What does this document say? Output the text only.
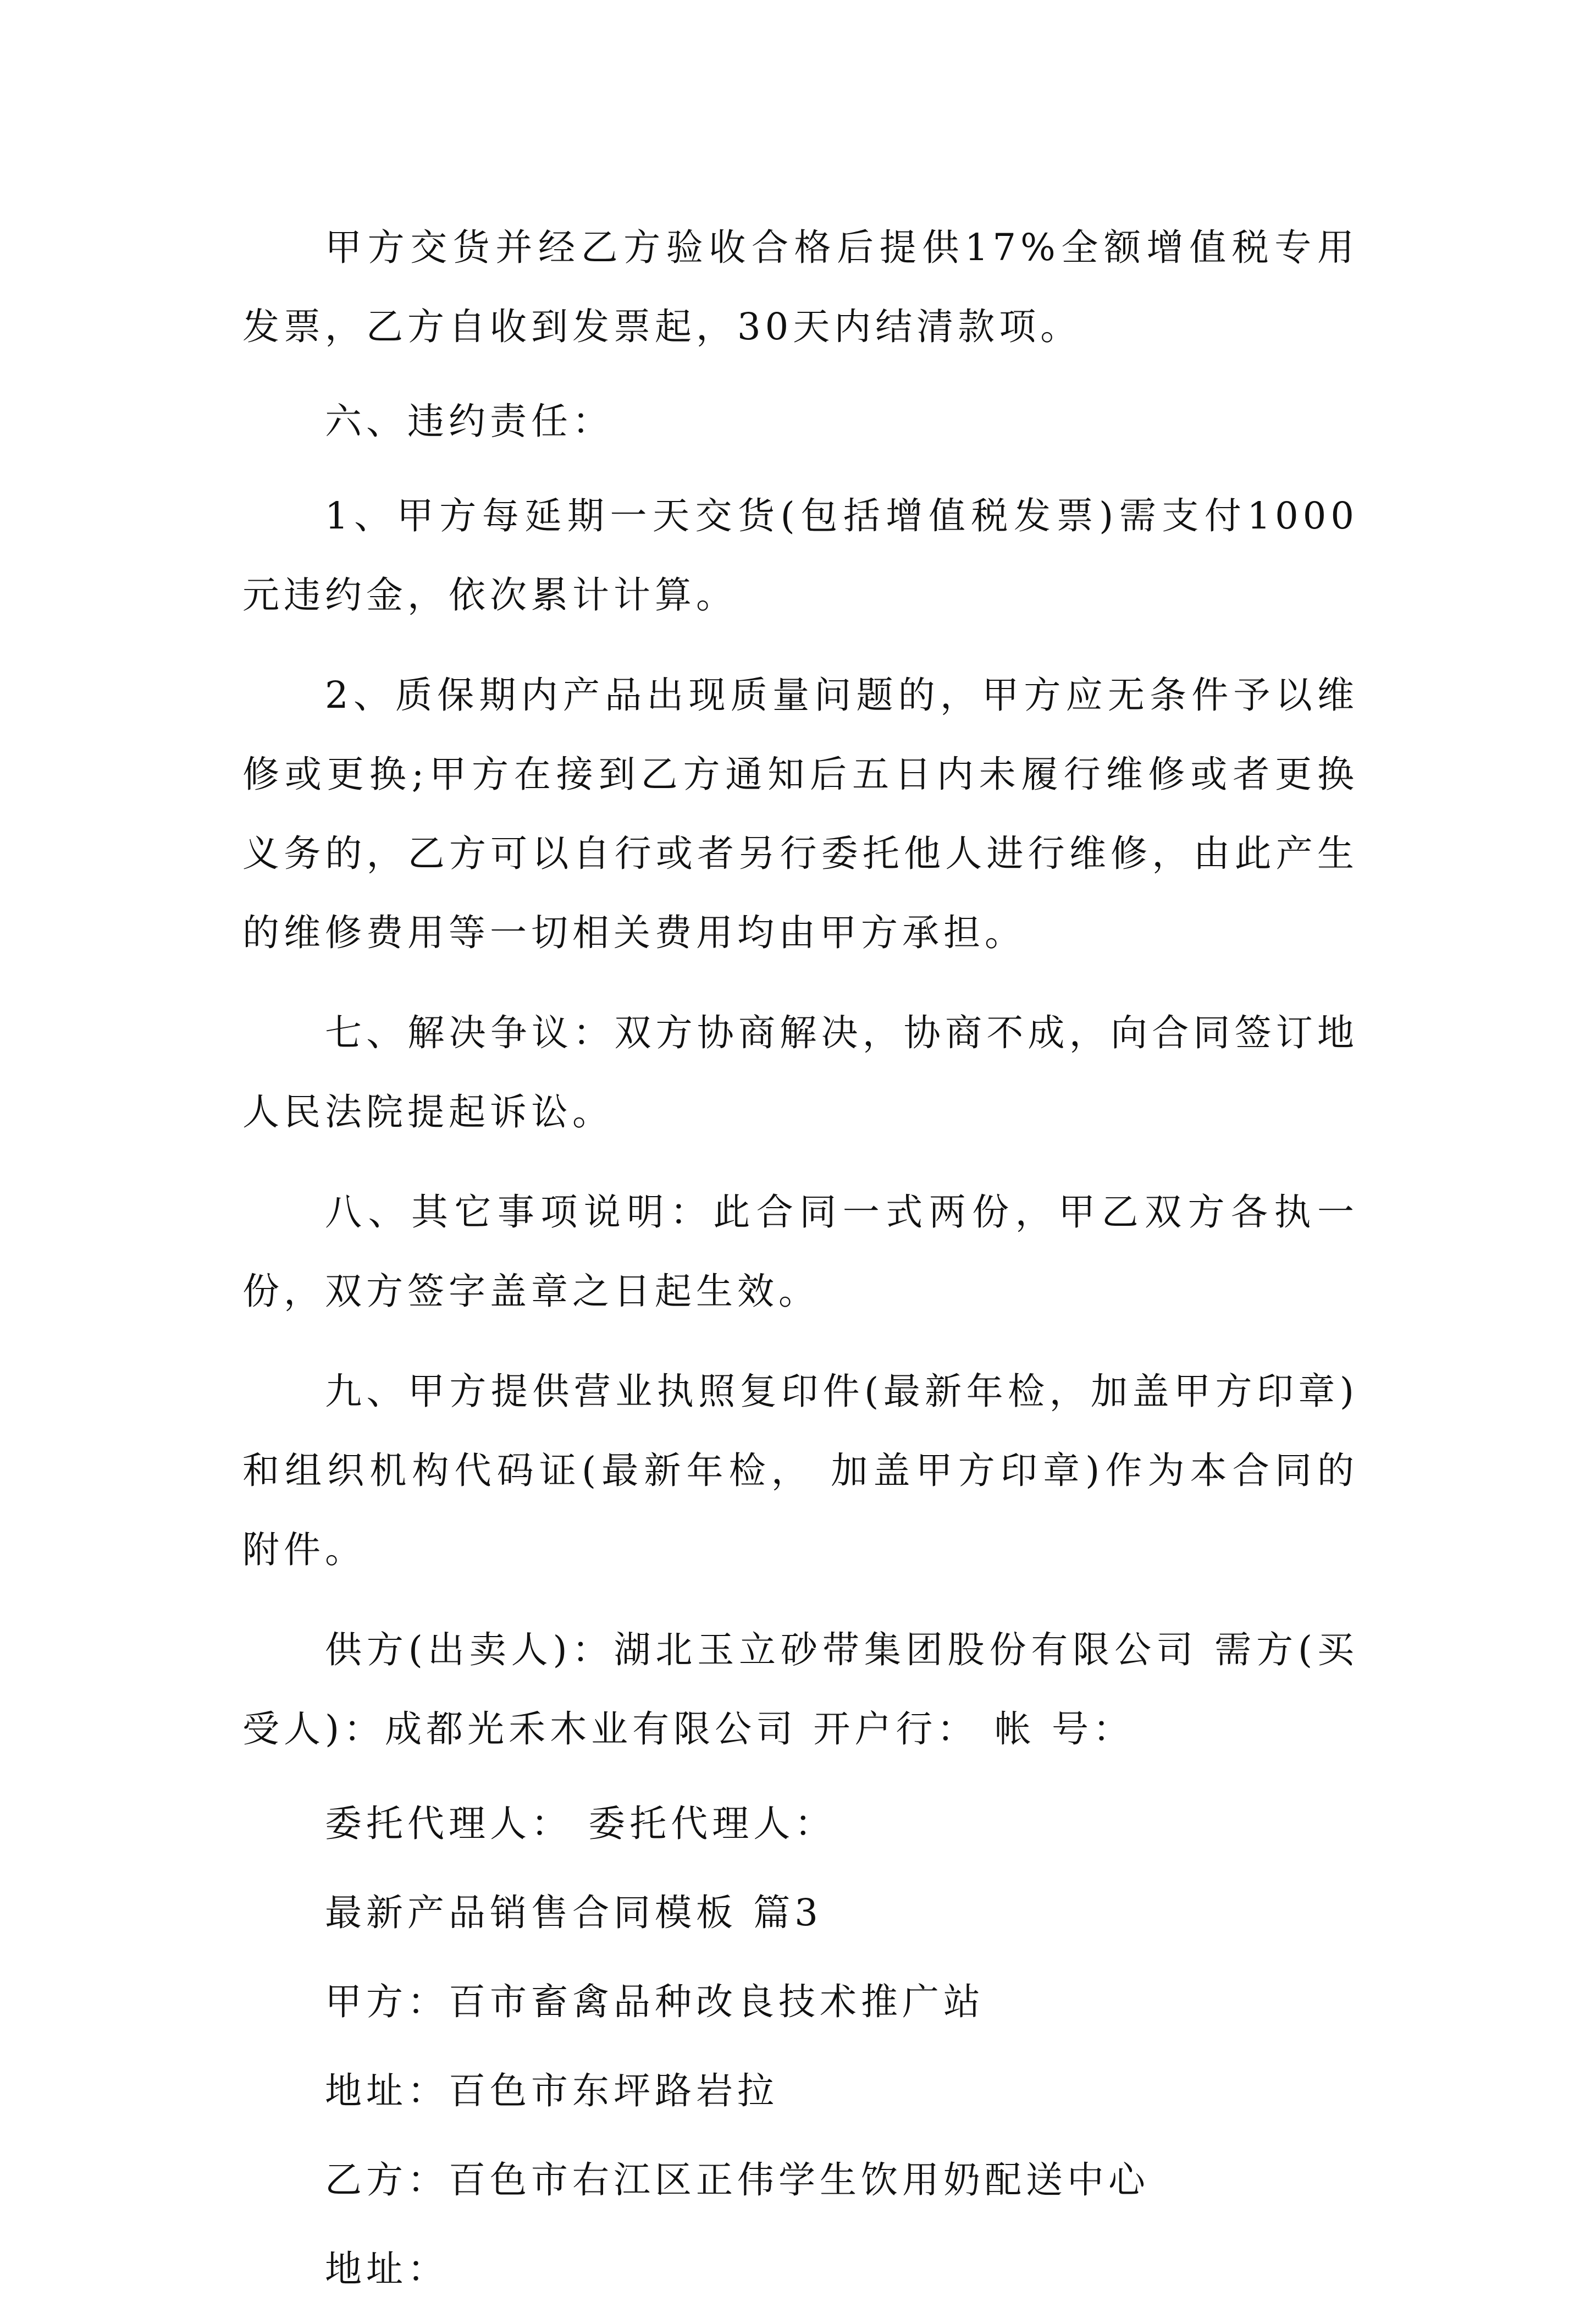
甲方交货并经乙方验收合格后提供17%全额增值税专用发票，乙方自收到发票起，30天内结清款项。

六、违约责任：

1、甲方每延期一天交货(包括增值税发票)需支付1000元违约金，依次累计计算。

2、质保期内产品出现质量问题的，甲方应无条件予以维修或更换;甲方在接到乙方通知后五日内未履行维修或者更换义务的，乙方可以自行或者另行委托他人进行维修，由此产生的维修费用等一切相关费用均由甲方承担。

七、解决争议：双方协商解决，协商不成，向合同签订地人民法院提起诉讼。

八、其它事项说明：此合同一式两份，甲乙双方各执一份，双方签字盖章之日起生效。

九、甲方提供营业执照复印件(最新年检，加盖甲方印章)和组织机构代码证(最新年检， 加盖甲方印章)作为本合同的附件。

供方(出卖人)：湖北玉立砂带集团股份有限公司 需方(买受人)：成都光禾木业有限公司 开户行： 帐 号：

委托代理人： 委托代理人：

最新产品销售合同模板 篇3

甲方：百市畜禽品种改良技术推广站

地址：百色市东坪路岩拉

乙方：百色市右江区正伟学生饮用奶配送中心

地址：
